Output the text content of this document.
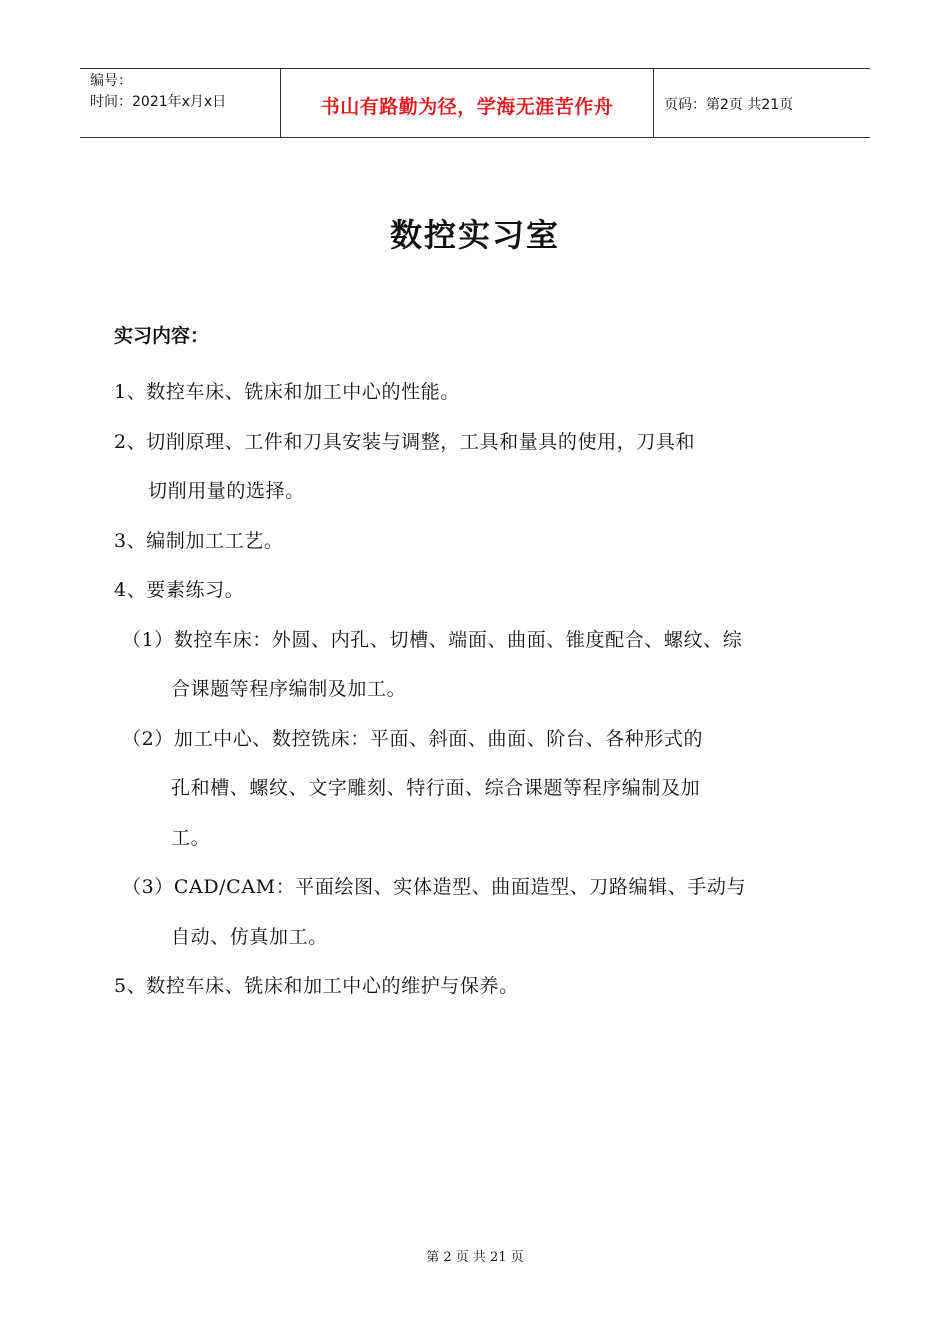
编号：
时间：2021年x月x日	书山有路勤为径，学海无涯苦作舟	页码：第2页 共21页
数控实习室
实习内容：
1、数控车床、铣床和加工中心的性能。
2、切削原理、工件和刀具安装与调整，工具和量具的使用，刀具和
切削用量的选择。
3、编制加工工艺。
4、要素练习。
（1）数控车床：外圆、内孔、切槽、端面、曲面、锥度配合、螺纹、综
合课题等程序编制及加工。
（2）加工中心、数控铣床：平面、斜面、曲面、阶台、各种形式的
孔和槽、螺纹、文字雕刻、特行面、综合课题等程序编制及加
工。
（3）CAD/CAM：平面绘图、实体造型、曲面造型、刀路编辑、手动与
自动、仿真加工。
5、数控车床、铣床和加工中心的维护与保养。
第 2 页 共 21 页
